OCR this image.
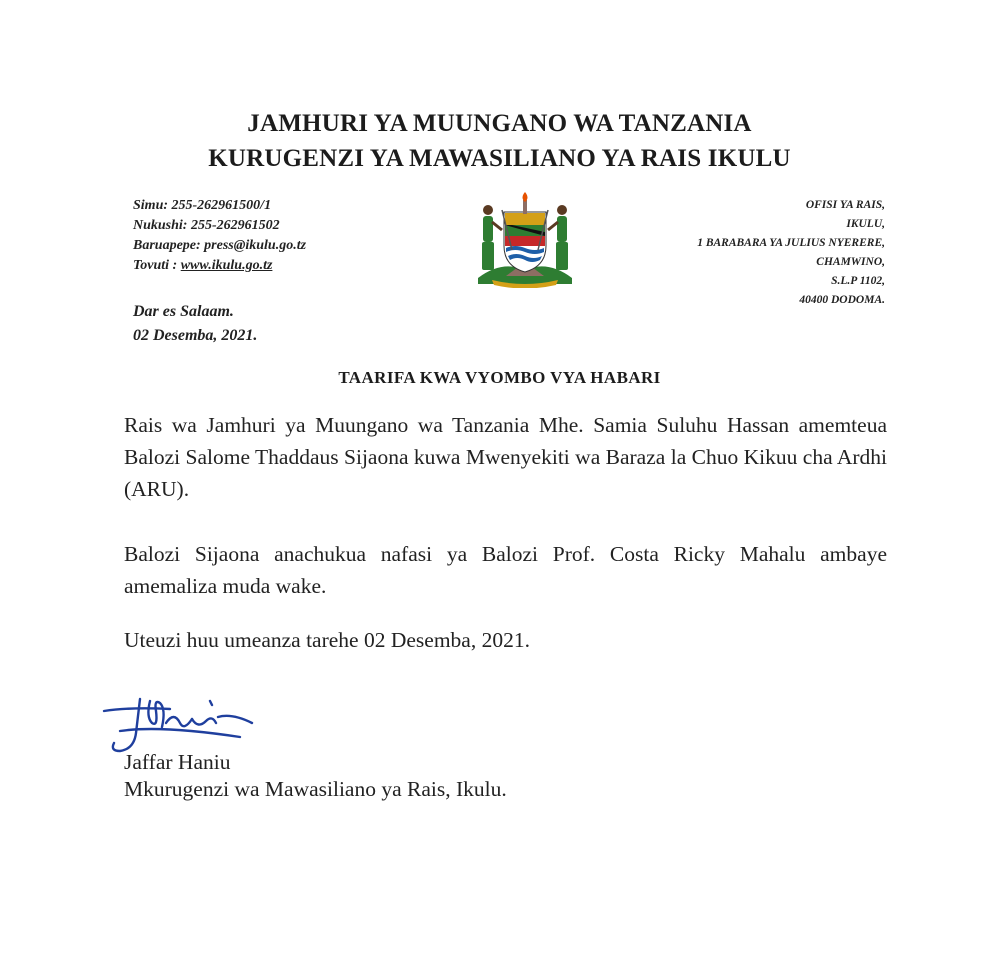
JAMHURI YA MUUNGANO WA TANZANIA
KURUGENZI YA MAWASILIANO YA RAIS IKULU
Simu: 255-262961500/1
Nukushi: 255-262961502
Baruapepe: press@ikulu.go.tz
Tovuti : www.ikulu.go.tz
OFISI YA RAIS,
IKULU,
1 BARABARA YA JULIUS NYERERE,
CHAMWINO,
S.L.P 1102,
40400 DODOMA.
Dar es Salaam.
02 Desemba, 2021.
TAARIFA KWA VYOMBO VYA HABARI
Rais wa Jamhuri ya Muungano wa Tanzania Mhe. Samia Suluhu Hassan amemteua Balozi Salome Thaddaus Sijaona kuwa Mwenyekiti wa Baraza la Chuo Kikuu cha Ardhi (ARU).
Balozi Sijaona anachukua nafasi ya Balozi Prof. Costa Ricky Mahalu ambaye amemaliza muda wake.
Uteuzi huu umeanza tarehe 02 Desemba, 2021.
Jaffar Haniu
Mkurugenzi wa Mawasiliano ya Rais, Ikulu.
